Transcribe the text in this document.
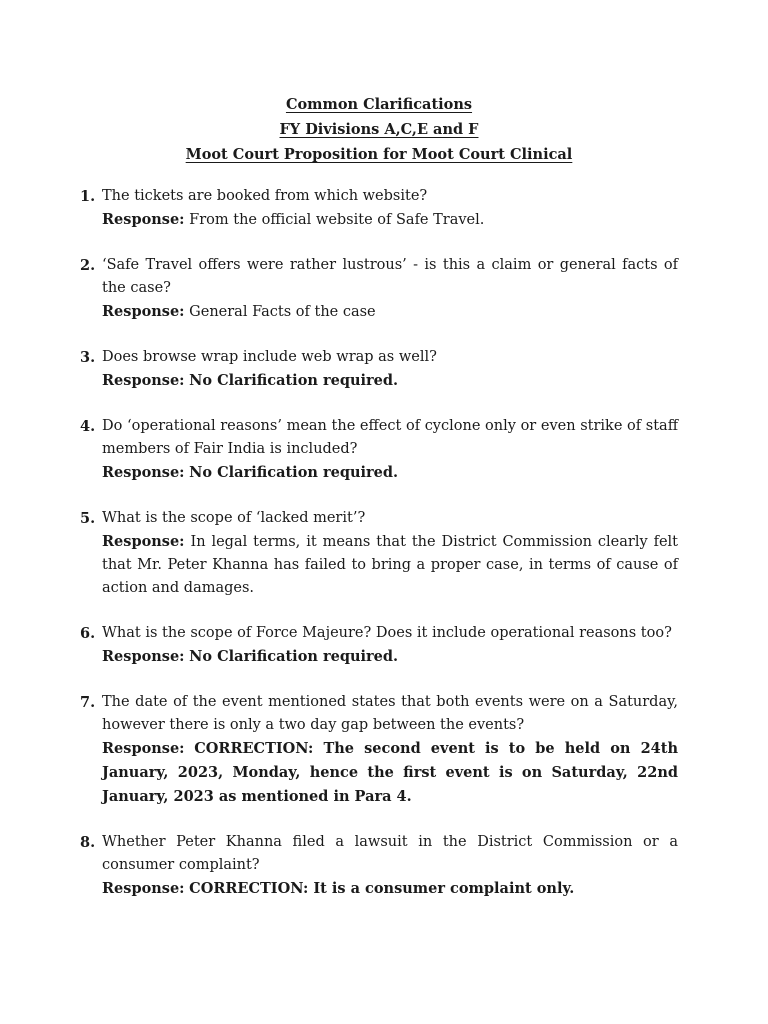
Common Clarifications
FY Divisions A,C,E and F
Moot Court Proposition for Moot Court Clinical
1. The tickets are booked from which website?
Response: From the official website of Safe Travel.
2. ‘Safe Travel offers were rather lustrous’ - is this a claim or general facts of the case?
Response: General Facts of the case
3. Does browse wrap include web wrap as well?
Response: No Clarification required.
4. Do ‘operational reasons’ mean the effect of cyclone only or even strike of staff members of Fair India is included?
Response: No Clarification required.
5. What is the scope of ‘lacked merit’?
Response: In legal terms, it means that the District Commission clearly felt that Mr. Peter Khanna has failed to bring a proper case, in terms of cause of action and damages.
6. What is the scope of Force Majeure? Does it include operational reasons too?
Response: No Clarification required.
7. The date of the event mentioned states that both events were on a Saturday, however there is only a two day gap between the events?
Response: CORRECTION: The second event is to be held on 24th January, 2023, Monday, hence the first event is on Saturday, 22nd January, 2023 as mentioned in Para 4.
8. Whether Peter Khanna filed a lawsuit in the District Commission or a consumer complaint?
Response: CORRECTION: It is a consumer complaint only.
